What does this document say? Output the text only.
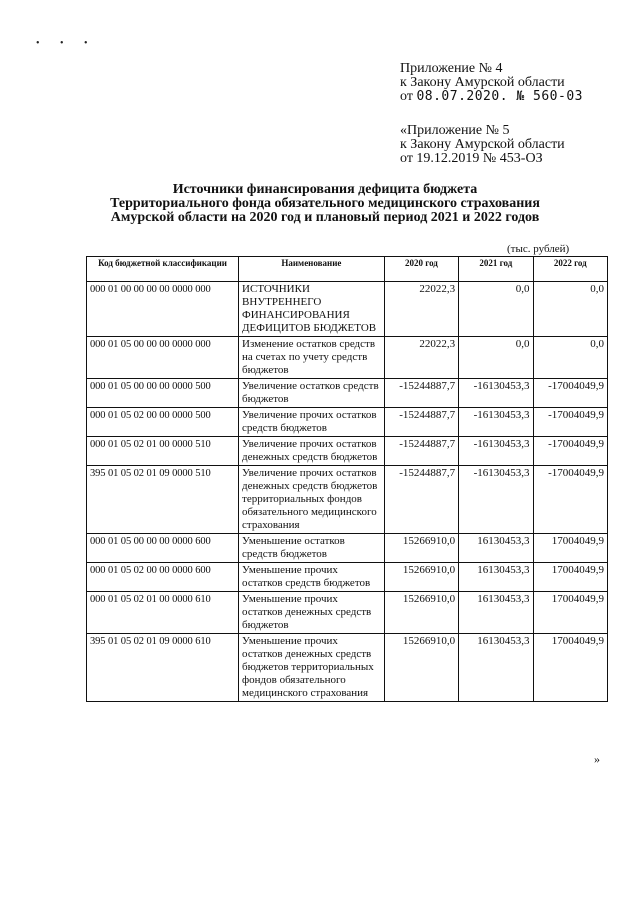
• • •
Приложение № 4
к Закону Амурской области
от 08.07.2020. № 560-03
«Приложение № 5
к Закону Амурской области
от 19.12.2019 № 453-ОЗ
Источники финансирования дефицита бюджета
Территориального фонда обязательного медицинского страхования
Амурской области на 2020 год и плановый период 2021 и 2022 годов
(тыс. рублей)
Код бюджетной классификации	Наименование	2020 год	2021 год	2022 год
000 01 00 00 00 00 0000 000	ИСТОЧНИКИ ВНУТРЕННЕГО ФИНАНСИРОВАНИЯ ДЕФИЦИТОВ БЮДЖЕТОВ	22022,3	0,0	0,0
000 01 05 00 00 00 0000 000	Изменение остатков средств на счетах по учету средств бюджетов	22022,3	0,0	0,0
000 01 05 00 00 00 0000 500	Увеличение остатков средств бюджетов	-15244887,7	-16130453,3	-17004049,9
000 01 05 02 00 00 0000 500	Увеличение прочих остатков средств бюджетов	-15244887,7	-16130453,3	-17004049,9
000 01 05 02 01 00 0000 510	Увеличение прочих остатков денежных средств бюджетов	-15244887,7	-16130453,3	-17004049,9
395 01 05 02 01 09 0000 510	Увеличение прочих остатков денежных средств бюджетов территориальных фондов обязательного медицинского страхования	-15244887,7	-16130453,3	-17004049,9
000 01 05 00 00 00 0000 600	Уменьшение остатков средств бюджетов	15266910,0	16130453,3	17004049,9
000 01 05 02 00 00 0000 600	Уменьшение прочих остатков средств бюджетов	15266910,0	16130453,3	17004049,9
000 01 05 02 01 00 0000 610	Уменьшение прочих остатков денежных средств бюджетов	15266910,0	16130453,3	17004049,9
395 01 05 02 01 09 0000 610	Уменьшение прочих остатков денежных средств бюджетов территориальных фондов обязательного медицинского страхования	15266910,0	16130453,3	17004049,9
»
